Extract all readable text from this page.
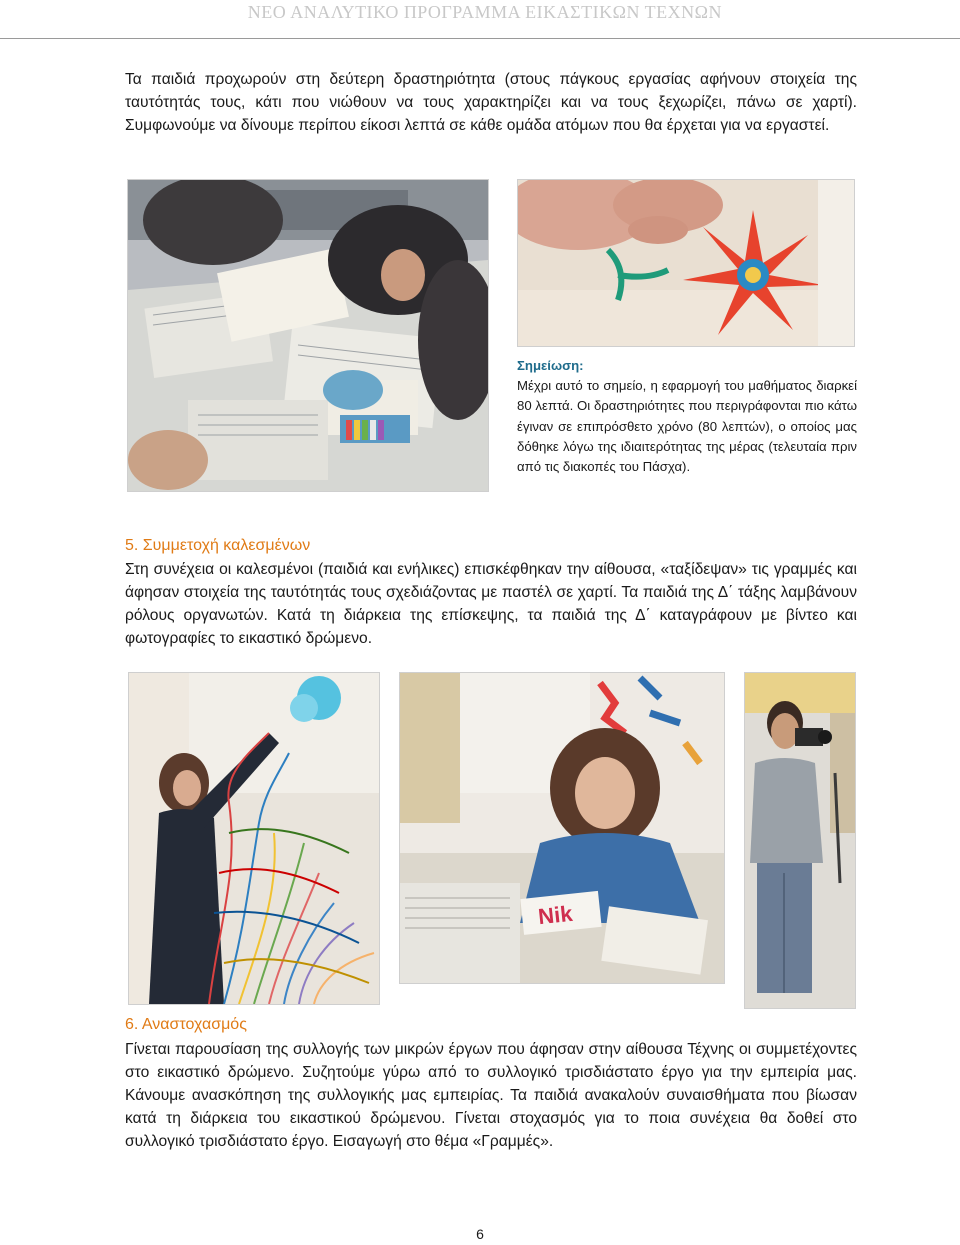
ΝΕΟ ΑΝΑΛΥΤΙΚΟ ΠΡΟΓΡΑΜΜΑ ΕΙΚΑΣΤΙΚΩΝ ΤΕΧΝΩΝ

Τα παιδιά προχωρούν στη δεύτερη δραστηριότητα (στους πάγκους εργασίας αφήνουν στοιχεία της ταυτότητάς τους, κάτι που νιώθουν να τους χαρακτηρίζει και να τους ξεχωρίζει, πάνω σε χαρτί). Συμφωνούμε να δίνουμε περίπου είκοσι λεπτά σε κάθε ομάδα ατόμων που θα έρχεται για να εργαστεί.

Σημείωση:
Μέχρι αυτό το σημείο, η εφαρμογή του μαθήματος διαρκεί 80 λεπτά. Οι δραστηριότητες που περιγράφονται πιο κάτω έγιναν σε επιπρόσθετο χρόνο (80 λεπτών), ο οποίος μας δόθηκε λόγω της ιδιαιτερότητας της μέρας (τελευταία πριν από τις διακοπές του Πάσχα).
5. Συμμετοχή καλεσμένων

Στη συνέχεια οι καλεσμένοι (παιδιά και ενήλικες) επισκέφθηκαν την αίθουσα, «ταξίδεψαν» τις γραμμές και άφησαν στοιχεία της ταυτότητάς τους σχεδιάζοντας με παστέλ σε χαρτί. Τα παιδιά της Δ΄ τάξης λαμβάνουν ρόλους οργανωτών. Κατά τη διάρκεια της επίσκεψης, τα παιδιά της Δ΄ καταγράφουν με βίντεο και φωτογραφίες το εικαστικό δρώμενο.

Nik
6. Αναστοχασμός

Γίνεται παρουσίαση της συλλογής των μικρών έργων που άφησαν στην αίθουσα Τέχνης οι συμμετέχοντες στο εικαστικό δρώμενο. Συζητούμε γύρω από το συλλογικό τρισδιάστατο έργο για την εμπειρία μας. Κάνουμε ανασκόπηση της συλλογικής μας εμπειρίας. Τα παιδιά ανακαλούν συναισθήματα που βίωσαν κατά τη διάρκεια του εικαστικού δρώμενου. Γίνεται στοχασμός για το ποια συνέχεια θα δοθεί στο συλλογικό τρισδιάστατο έργο. Εισαγωγή στο θέμα «Γραμμές».

6
